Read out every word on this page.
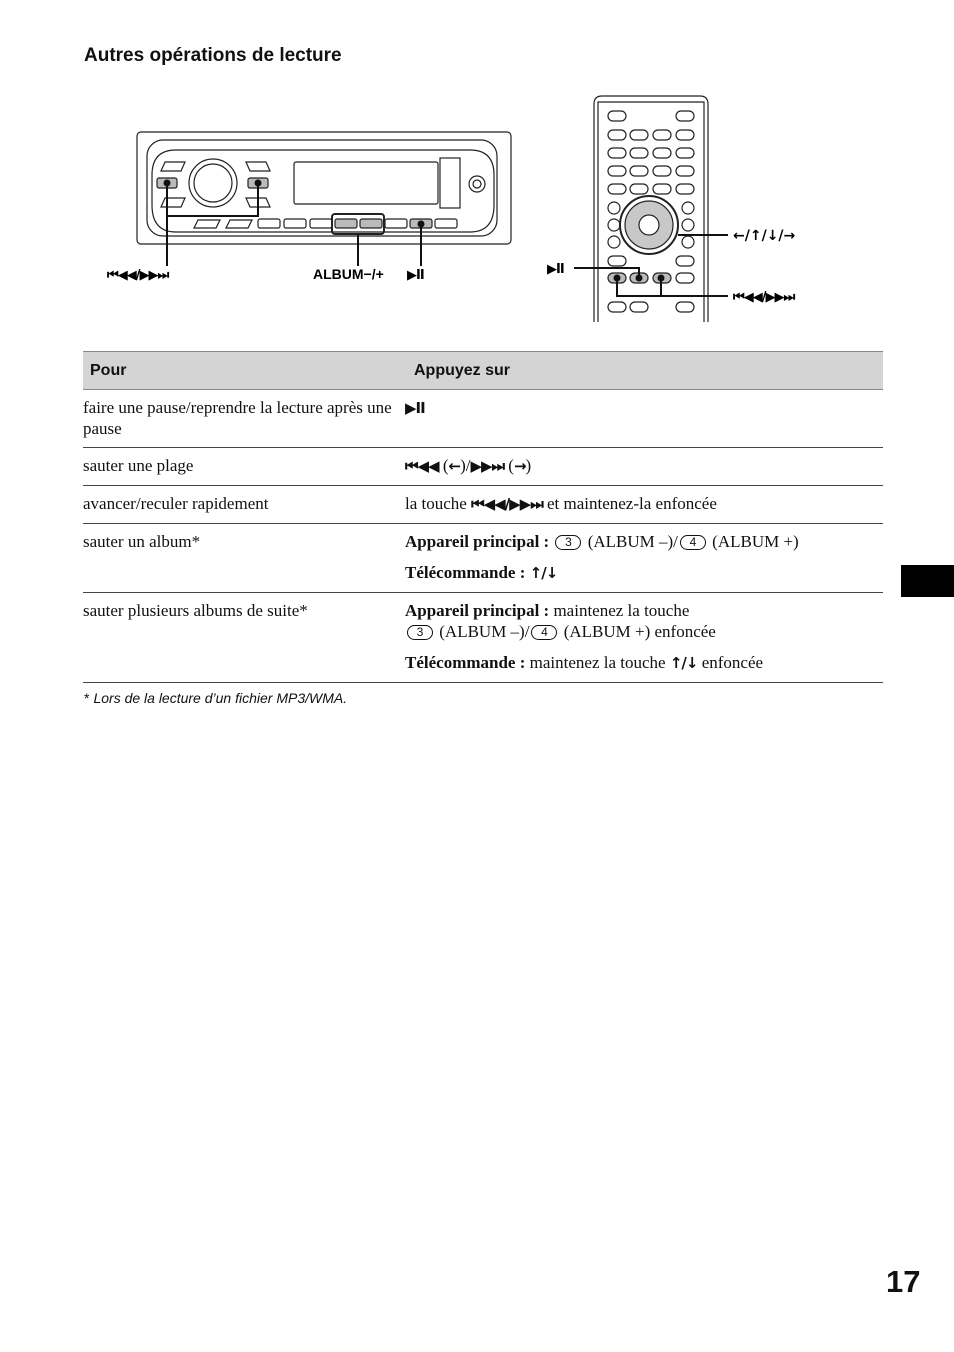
Autres opérations de lecture
⏮◀◀/▶▶⏭	ALBUM−/+ ▶II
←/↑/↓/→
▶II
⏮◀◀/▶▶⏭
Pour	Appuyez sur
faire une pause/reprendre la lecture après une pause	▶II
sauter une plage	⏮◀◀ (←)/▶▶⏭ (→)
avancer/reculer rapidement	la touche ⏮◀◀/▶▶⏭ et maintenez-la enfoncée
sauter un album*	Appareil principal : 3 (ALBUM –)/ 4 (ALBUM +)
Télécommande : ↑/↓

sauter plusieurs albums de suite*	Appareil principal : maintenez la touche
3 (ALBUM –)/ 4 (ALBUM +) enfoncée
Télécommande : maintenez la touche ↑/↓ enfoncée
* Lors de la lecture d’un fichier MP3/WMA.
17
